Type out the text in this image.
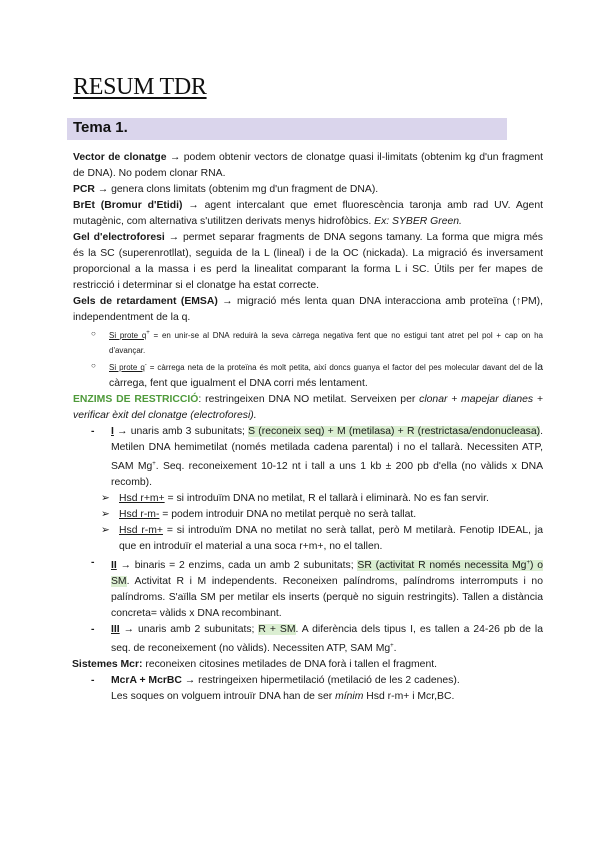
RESUM TDR
Tema 1.

Vector de clonatge → podem obtenir vectors de clonatge quasi il-limitats (obtenim kg d'un fragment de DNA). No podem clonar RNA.

PCR → genera clons limitats (obtenim mg d'un fragment de DNA).

BrEt (Bromur d'Etidi) → agent intercalant que emet fluorescència taronja amb rad UV. Agent mutagènic, com alternativa s'utilitzen derivats menys hidrofòbics. Ex: SYBER Green.

Gel d'electroforesi → permet separar fragments de DNA segons tamany. La forma que migra més és la SC (superenrotllat), seguida de la L (lineal) i de la OC (nickada). La migració és inversament proporcional a la massa i es perd la linealitat comparant la forma L i SC. Útils per fer mapes de restricció i determinar si el clonatge ha estat correcte.

Gels de retardament (EMSA) → migració més lenta quan DNA interacciona amb proteïna (↑PM), independentment de la q.

○	Si prote q+ = en unir-se al DNA reduirà la seva càrrega negativa fent que no estigui tant atret pel pol + cap on ha d'avançar.
○	Si prote q- = càrrega neta de la proteïna és molt petita, així doncs guanya el factor del pes molecular davant del de la càrrega, fent que igualment el DNA corri més lentament.

ENZIMS DE RESTRICCIÓ: restringeixen DNA NO metilat. Serveixen per clonar + mapejar dianes + verificar èxit del clonatge (electroforesi).

-	I → unaris amb 3 subunitats; S (reconeix seq) + M (metilasa) + R (restrictasa/endonucleasa). Metilen DNA hemimetilat (només metilada cadena parental) i no el tallarà. Necessiten ATP, SAM Mg+. Seq. reconeixement 10-12 nt i tall a uns 1 kb ± 200 pb d'ella (no vàlids x DNA recomb).
➢ Hsd r+m+ = si introduïm DNA no metilat, R el tallarà i eliminarà. No es fan servir.
➢ Hsd r-m- = podem introduir DNA no metilat perquè no serà tallat.
➢ Hsd r-m+ = si introduïm DNA no metilat no serà tallat, però M metilarà. Fenotip IDEAL, ja que en introduïr el material a una soca r+m+, no el tallen.
-	II → binaris = 2 enzims, cada un amb 2 subunitats; SR (activitat R només necessita Mg+) o SM. Activitat R i M independents. Reconeixen palíndroms, palíndroms interromputs i no palíndroms. S'aïlla SM per metilar els inserts (perquè no siguin restringits). Tallen a distància concreta= vàlids x DNA recombinant.
-	III → unaris amb 2 subunitats; R + SM. A diferència dels tipus I, es tallen a 24-26 pb de la seq. de reconeixement (no vàlids). Necessiten ATP, SAM Mg+.

Sistemes Mcr: reconeixen citosines metilades de DNA forà i tallen el fragment.

-	McrA + McrBC → restringeixen hipermetilació (metilació de les 2 cadenes).
Les soques on volguem introuïr DNA han de ser mínim Hsd r-m+ i Mcr,BC.
